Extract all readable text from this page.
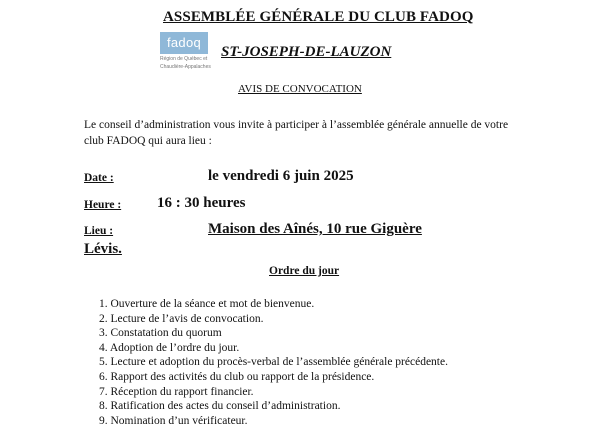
ASSEMBLÉE GÉNÉRALE DU CLUB FADOQ
fadoq
Région de Québec et
Chaudière-Appalaches
ST-JOSEPH-DE-LAUZON
AVIS DE CONVOCATION
Le conseil d’administration vous invite à participer à l’assemblée générale annuelle de votre club FADOQ qui aura lieu :
Date :	le vendredi 6 juin 2025
Heure : 16 : 30 heures
Lieu :	Maison des Aînés, 10 rue Giguère
Lévis.
Ordre du jour
1. Ouverture de la séance et mot de bienvenue.
2. Lecture de l’avis de convocation.
3. Constatation du quorum
4. Adoption de l’ordre du jour.
5. Lecture et adoption du procès-verbal de l’assemblée générale précédente.
6. Rapport des activités du club ou rapport de la présidence.
7. Réception du rapport financier.
8. Ratification des actes du conseil d’administration.
9. Nomination d’un vérificateur.
